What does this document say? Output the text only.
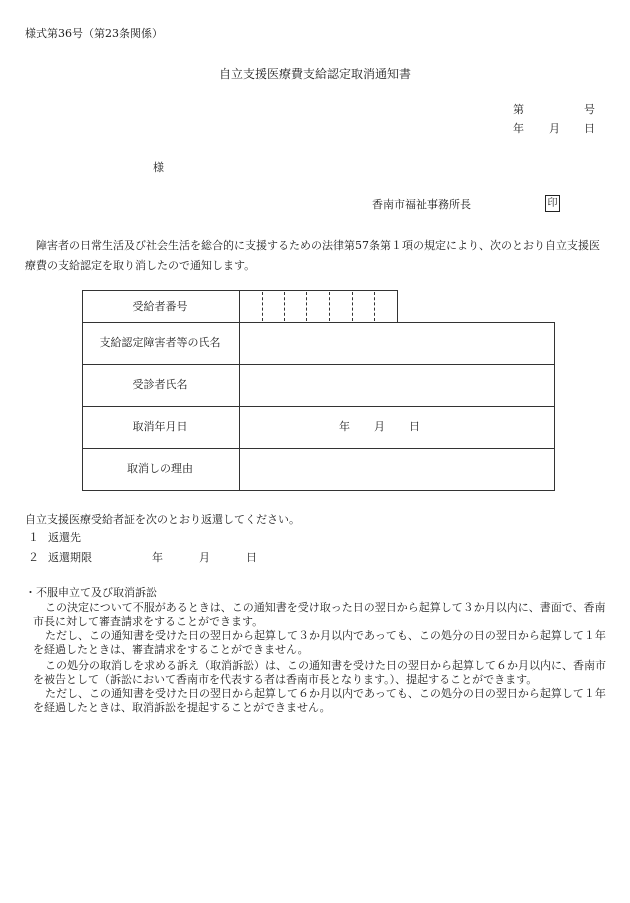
様式第36号（第23条関係）
自立支援医療費支給認定取消通知書
第	号
年 月 日
様
香南市福祉事務所長	印
障害者の日常生活及び社会生活を総合的に支援するための法律第57条第１項の規定により、次のとおり自立支援医療費の支給認定を取り消したので通知します。
受給者番号
支給認定障害者等の氏名
受診者氏名
取消年月日	年 月 日
取消しの理由
自立支援医療受給者証を次のとおり返還してください。
１ 返還先
２ 返還期限	年	月	日
・不服申立て及び取消訴訟
この決定について不服があるときは、この通知書を受け取った日の翌日から起算して３か月以内に、書面で、香南市長に対して審査請求をすることができます。
ただし、この通知書を受けた日の翌日から起算して３か月以内であっても、この処分の日の翌日から起算して１年を経過したときは、審査請求をすることができません。
この処分の取消しを求める訴え（取消訴訟）は、この通知書を受けた日の翌日から起算して６か月以内に、香南市を被告として（訴訟において香南市を代表する者は香南市長となります。）、提起することができます。
ただし、この通知書を受けた日の翌日から起算して６か月以内であっても、この処分の日の翌日から起算して１年を経過したときは、取消訴訟を提起することができません。
